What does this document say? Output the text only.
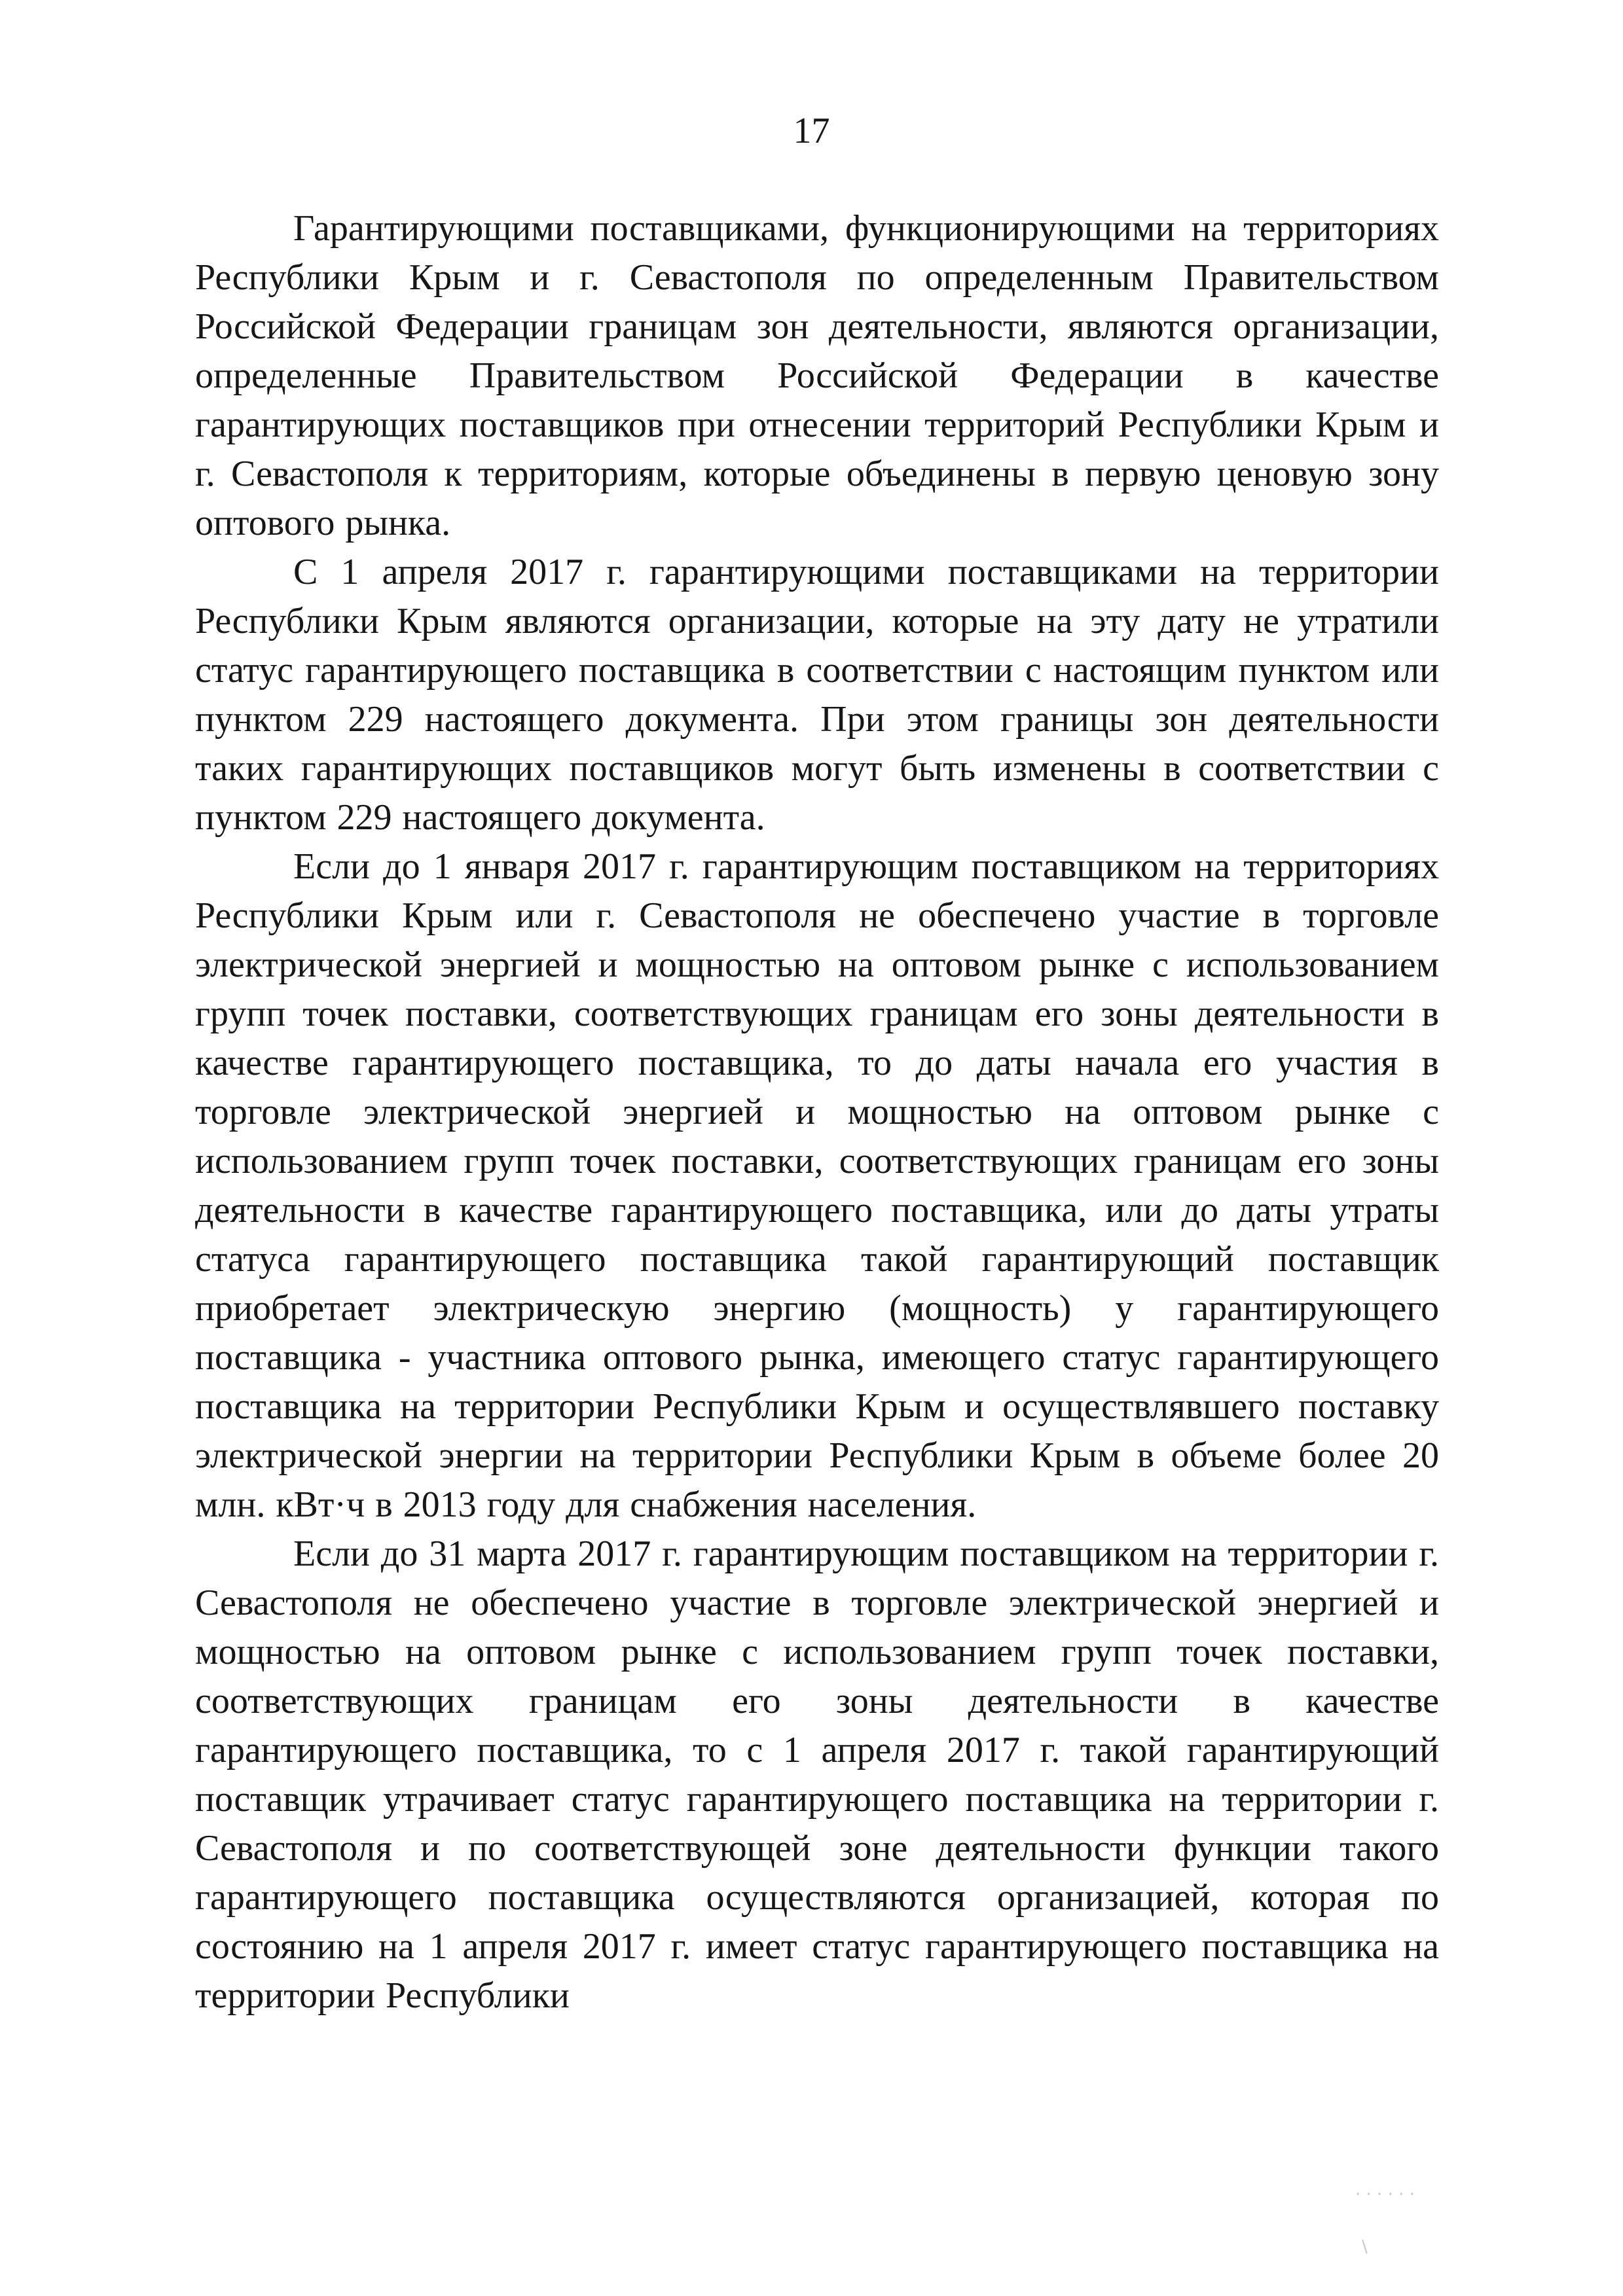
17

Гарантирующими поставщиками, функционирующими на территориях Республики Крым и г. Севастополя по определенным Правительством Российской Федерации границам зон деятельности, являются организации, определенные Правительством Российской Федерации в качестве гарантирующих поставщиков при отнесении территорий Республики Крым и г. Севастополя к территориям, которые объединены в первую ценовую зону оптового рынка.

С 1 апреля 2017 г. гарантирующими поставщиками на территории Республики Крым являются организации, которые на эту дату не утратили статус гарантирующего поставщика в соответствии с настоящим пунктом или пунктом 229 настоящего документа. При этом границы зон деятельности таких гарантирующих поставщиков могут быть изменены в соответствии с пунктом 229 настоящего документа.

Если до 1 января 2017 г. гарантирующим поставщиком на территориях Республики Крым или г. Севастополя не обеспечено участие в торговле электрической энергией и мощностью на оптовом рынке с использованием групп точек поставки, соответствующих границам его зоны деятельности в качестве гарантирующего поставщика, то до даты начала его участия в торговле электрической энергией и мощностью на оптовом рынке с использованием групп точек поставки, соответствующих границам его зоны деятельности в качестве гарантирующего поставщика, или до даты утраты статуса гарантирующего поставщика такой гарантирующий поставщик приобретает электрическую энергию (мощность) у гарантирующего поставщика - участника оптового рынка, имеющего статус гарантирующего поставщика на территории Республики Крым и осуществлявшего поставку электрической энергии на территории Республики Крым в объеме более 20 млн. кВт·ч в 2013 году для снабжения населения.

Если до 31 марта 2017 г. гарантирующим поставщиком на территории г. Севастополя не обеспечено участие в торговле электрической энергией и мощностью на оптовом рынке с использованием групп точек поставки, соответствующих границам его зоны деятельности в качестве гарантирующего поставщика, то с 1 апреля 2017 г. такой гарантирующий поставщик утрачивает статус гарантирующего поставщика на территории г. Севастополя и по соответствующей зоне деятельности функции такого гарантирующего поставщика осуществляются организацией, которая по состоянию на 1 апреля 2017 г. имеет статус гарантирующего поставщика на территории Республики

· · · · · ·
\
